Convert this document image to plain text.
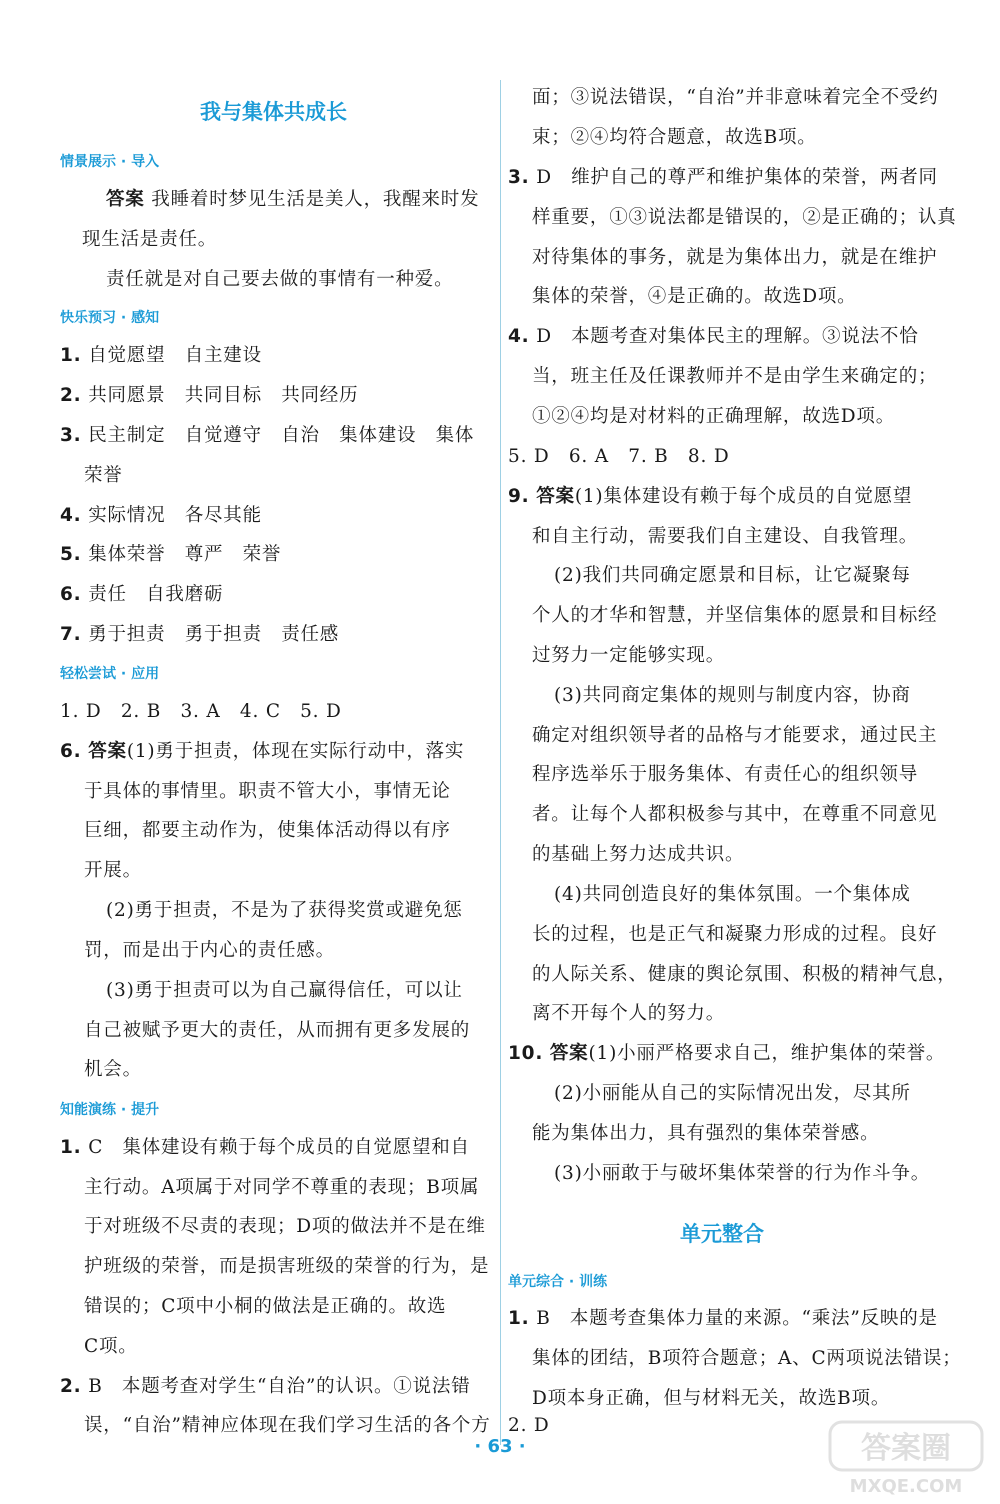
我与集体共成长
情景展示 · 导入
答案 我睡着时梦见生活是美人，我醒来时发
现生活是责任。
责任就是对自己要去做的事情有一种爱。
快乐预习 · 感知
1. 自觉愿望　自主建设
2. 共同愿景　共同目标　共同经历
3. 民主制定　自觉遵守　自治　集体建设　集体
荣誉
4. 实际情况　各尽其能
5. 集体荣誉　尊严　荣誉
6. 责任　自我磨砺
7. 勇于担责　勇于担责　责任感
轻松尝试 · 应用
1. D　2. B　3. A　4. C　5. D
6. 答案(1)勇于担责，体现在实际行动中，落实
于具体的事情里。职责不管大小，事情无论
巨细，都要主动作为，使集体活动得以有序
开展。
(2)勇于担责，不是为了获得奖赏或避免惩
罚，而是出于内心的责任感。
(3)勇于担责可以为自己赢得信任，可以让
自己被赋予更大的责任，从而拥有更多发展的
机会。
知能演练 · 提升
1. C　集体建设有赖于每个成员的自觉愿望和自
主行动。A项属于对同学不尊重的表现；B项属
于对班级不尽责的表现；D项的做法并不是在维
护班级的荣誉，而是损害班级的荣誉的行为，是
错误的；C项中小桐的做法是正确的。故选
C项。
2. B　本题考查对学生“自治”的认识。①说法错
误，“自治”精神应体现在我们学习生活的各个方
面；③说法错误，“自治”并非意味着完全不受约
束；②④均符合题意，故选B项。
3. D　维护自己的尊严和维护集体的荣誉，两者同
样重要，①③说法都是错误的，②是正确的；认真
对待集体的事务，就是为集体出力，就是在维护
集体的荣誉，④是正确的。故选D项。
4. D　本题考查对集体民主的理解。③说法不恰
当，班主任及任课教师并不是由学生来确定的；
①②④均是对材料的正确理解，故选D项。
5. D　6. A　7. B　8. D
9. 答案(1)集体建设有赖于每个成员的自觉愿望
和自主行动，需要我们自主建设、自我管理。
(2)我们共同确定愿景和目标，让它凝聚每
个人的才华和智慧，并坚信集体的愿景和目标经
过努力一定能够实现。
(3)共同商定集体的规则与制度内容，协商
确定对组织领导者的品格与才能要求，通过民主
程序选举乐于服务集体、有责任心的组织领导
者。让每个人都积极参与其中，在尊重不同意见
的基础上努力达成共识。
(4)共同创造良好的集体氛围。一个集体成
长的过程，也是正气和凝聚力形成的过程。良好
的人际关系、健康的舆论氛围、积极的精神气息，
离不开每个人的努力。
10. 答案(1)小丽严格要求自己，维护集体的荣誉。
(2)小丽能从自己的实际情况出发，尽其所
能为集体出力，具有强烈的集体荣誉感。
(3)小丽敢于与破坏集体荣誉的行为作斗争。
单元整合
单元综合 · 训练
1. B　本题考查集体力量的来源。“乘法”反映的是
集体的团结，B项符合题意；A、C两项说法错误；
D项本身正确，但与材料无关，故选B项。
2. D
· 63 ·	答案圈
MXQE.COM
